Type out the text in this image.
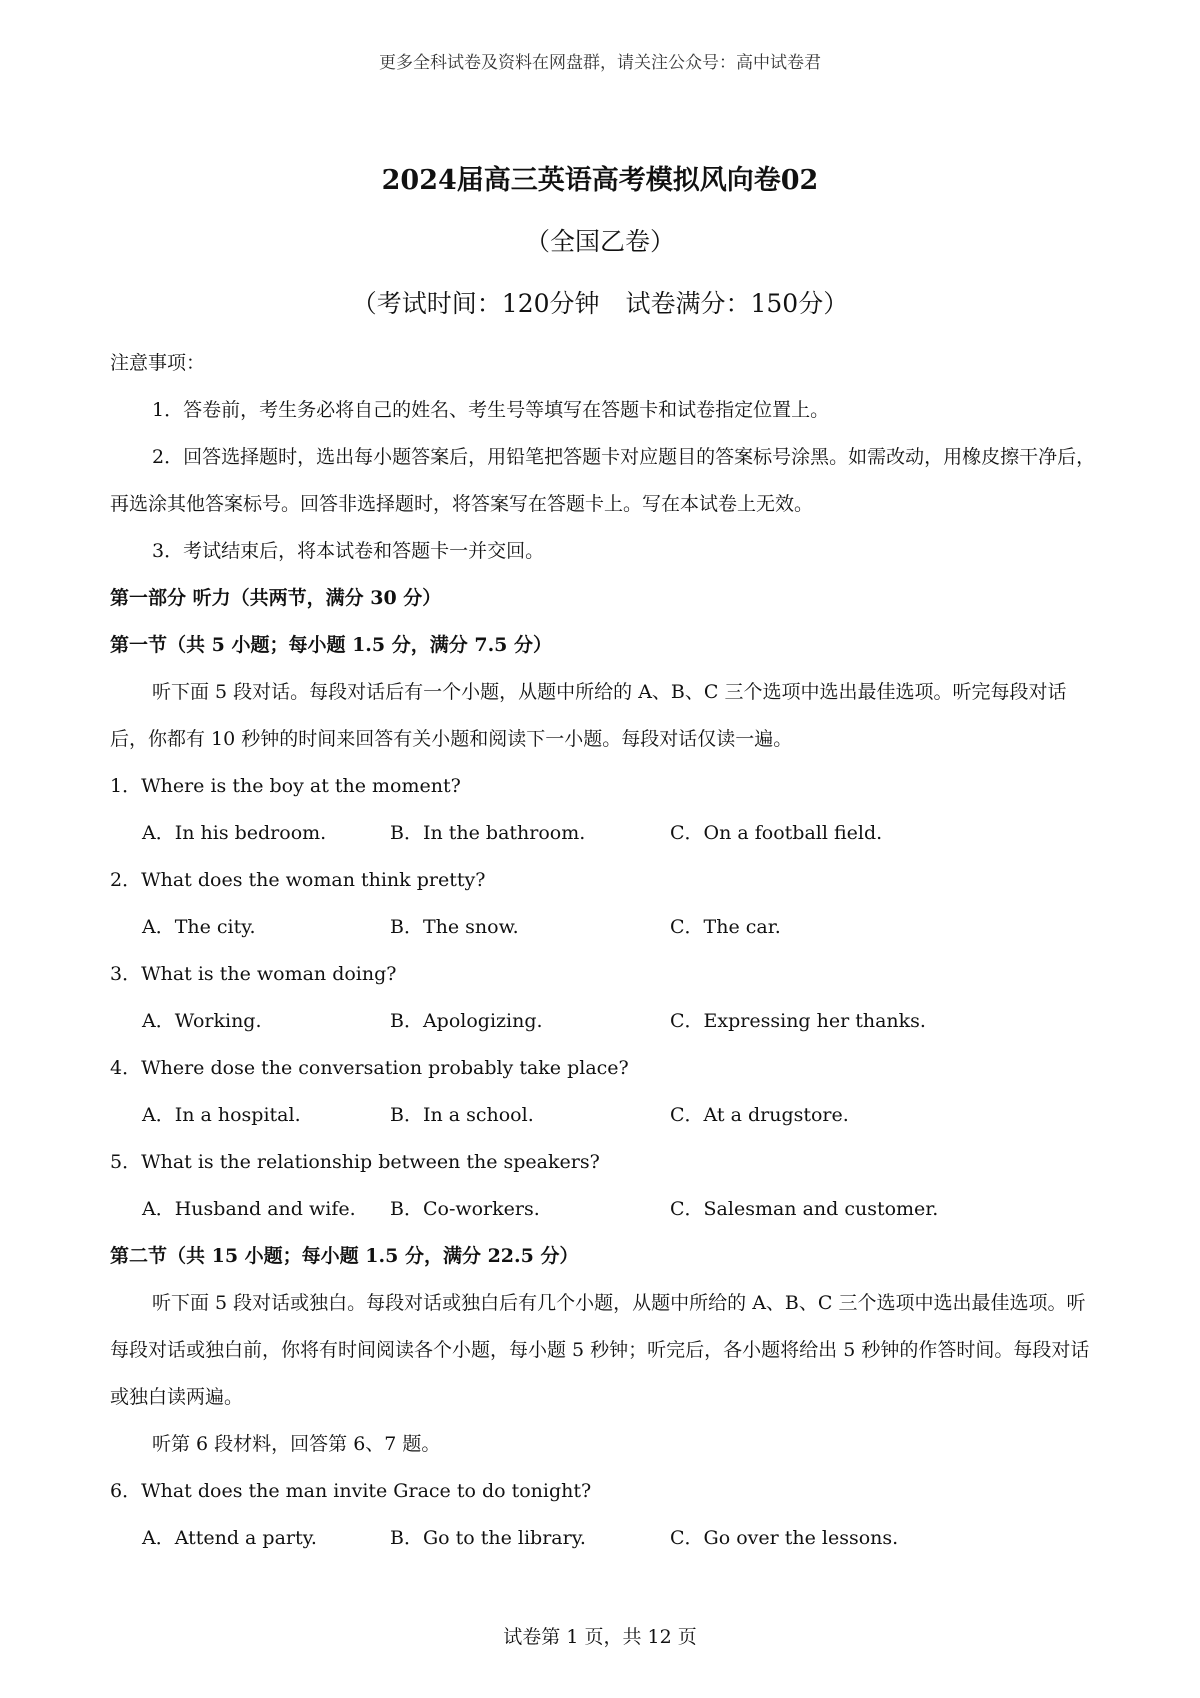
更多全科试卷及资料在网盘群，请关注公众号：高中试卷君
2024届高三英语高考模拟风向卷02
（全国乙卷）
（考试时间：120分钟 试卷满分：150分）

注意事项：

1．答卷前，考生务必将自己的姓名、考生号等填写在答题卡和试卷指定位置上。

2．回答选择题时，选出每小题答案后，用铅笔把答题卡对应题目的答案标号涂黑。如需改动，用橡皮擦干净后，再选涂其他答案标号。回答非选择题时，将答案写在答题卡上。写在本试卷上无效。

3．考试结束后，将本试卷和答题卡一并交回。

第一部分 听力（共两节，满分 30 分）

第一节（共 5 小题；每小题 1.5 分，满分 7.5 分）

听下面 5 段对话。每段对话后有一个小题，从题中所给的 A、B、C 三个选项中选出最佳选项。听完每段对话后，你都有 10 秒钟的时间来回答有关小题和阅读下一小题。每段对话仅读一遍。

1．Where is the boy at the moment?

A．In his bedroom.	B．In the bathroom.	C．On a football field.

2．What does the woman think pretty?

A．The city.	B．The snow.	C．The car.

3．What is the woman doing?

A．Working.	B．Apologizing.	C．Expressing her thanks.

4．Where dose the conversation probably take place?

A．In a hospital.	B．In a school.	C．At a drugstore.

5．What is the relationship between the speakers?

A．Husband and wife.	B．Co-workers.	C．Salesman and customer.

第二节（共 15 小题；每小题 1.5 分，满分 22.5 分）

听下面 5 段对话或独白。每段对话或独白后有几个小题，从题中所给的 A、B、C 三个选项中选出最佳选项。听每段对话或独白前，你将有时间阅读各个小题，每小题 5 秒钟；听完后，各小题将给出 5 秒钟的作答时间。每段对话或独白读两遍。

听第 6 段材料，回答第 6、7 题。

6．What does the man invite Grace to do tonight?

A．Attend a party.	B．Go to the library.	C．Go over the lessons.
试卷第 1 页，共 12 页
